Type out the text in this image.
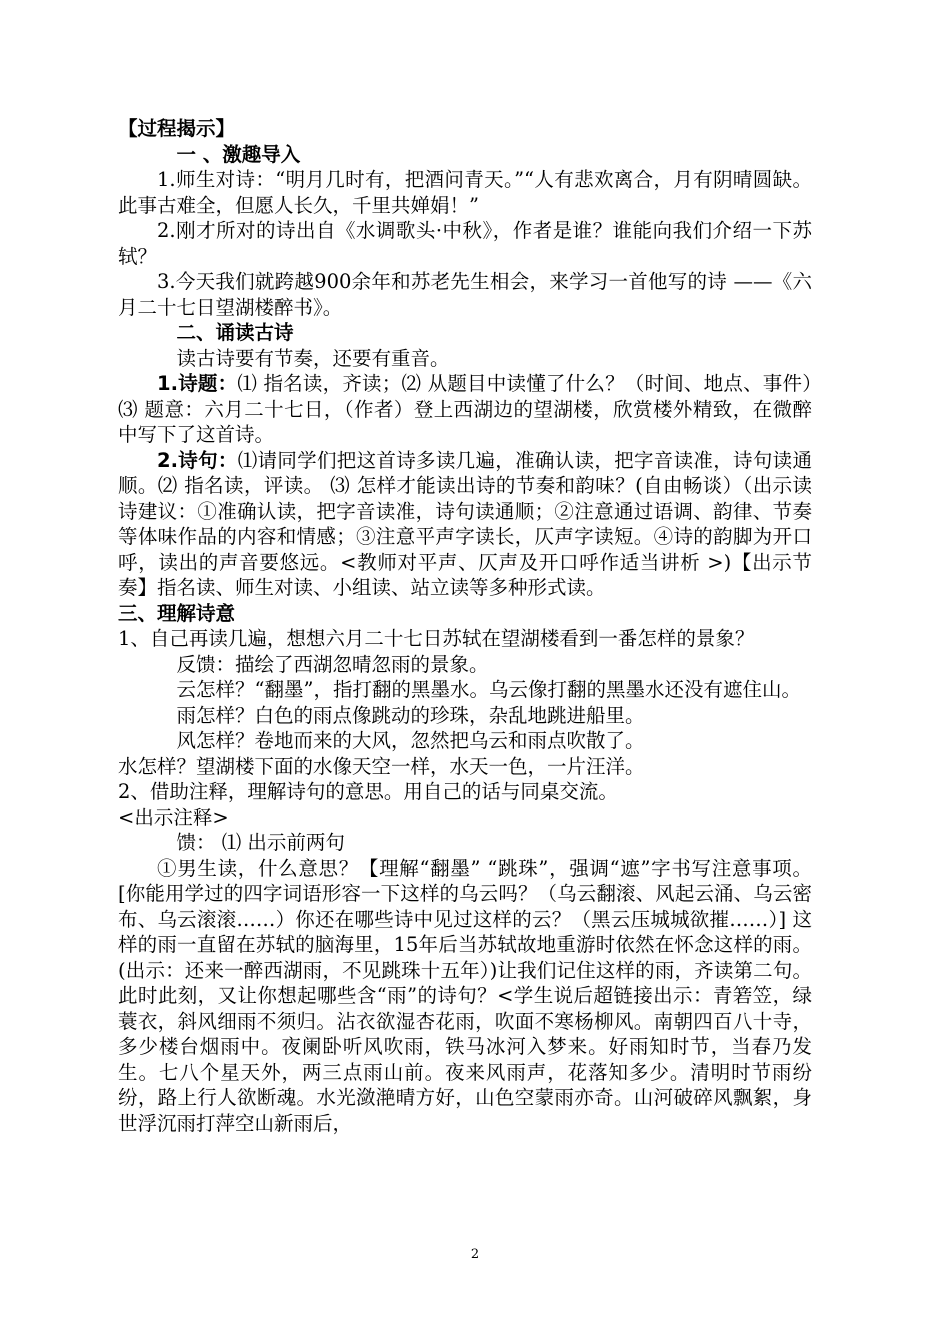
【过程揭示】

一 、激趣导入

1.师生对诗：“明月几时有，把酒问青天。”“人有悲欢离合，月有阴晴圆缺。此事古难全，但愿人长久，千里共婵娟！”

2.刚才所对的诗出自《水调歌头·中秋》，作者是谁？谁能向我们介绍一下苏轼？

3.今天我们就跨越900余年和苏老先生相会，来学习一首他写的诗 ——《六月二十七日望湖楼醉书》。

二、诵读古诗

读古诗要有节奏，还要有重音。

1.诗题：⑴ 指名读，齐读；⑵ 从题目中读懂了什么？（时间、地点、事件）⑶ 题意：六月二十七日，（作者）登上西湖边的望湖楼，欣赏楼外精致，在微醉中写下了这首诗。

2.诗句：⑴请同学们把这首诗多读几遍，准确认读，把字音读准，诗句读通顺。⑵ 指名读，评读。 ⑶ 怎样才能读出诗的节奏和韵味？(自由畅谈）（出示读诗建议：①准确认读，把字音读准，诗句读通顺；②注意通过语调、韵律、节奏等体味作品的内容和情感；③注意平声字读长，仄声字读短。④诗的韵脚为开口呼，读出的声音要悠远。<教师对平声、仄声及开口呼作适当讲析 >)【出示节奏】指名读、师生对读、小组读、站立读等多种形式读。

三、理解诗意

1、自己再读几遍，想想六月二十七日苏轼在望湖楼看到一番怎样的景象？

反馈：描绘了西湖忽晴忽雨的景象。

云怎样？“翻墨”，指打翻的黑墨水。乌云像打翻的黑墨水还没有遮住山。

雨怎样？白色的雨点像跳动的珍珠，杂乱地跳进船里。

风怎样？卷地而来的大风，忽然把乌云和雨点吹散了。

水怎样？望湖楼下面的水像天空一样，水天一色，一片汪洋。

2、借助注释，理解诗句的意思。用自己的话与同桌交流。

<出示注释>

馈： ⑴ 出示前两句

①男生读，什么意思？【理解“翻墨” “跳珠”，强调“遮”字书写注意事项。[你能用学过的四字词语形容一下这样的乌云吗？（乌云翻滚、风起云涌、乌云密布、乌云滚滚……）你还在哪些诗中见过这样的云？（黑云压城城欲摧……）] 这样的雨一直留在苏轼的脑海里，15年后当苏轼故地重游时依然在怀念这样的雨。(出示：还来一醉西湖雨，不见跳珠十五年）)让我们记住这样的雨，齐读第二句。此时此刻，又让你想起哪些含“雨”的诗句？<学生说后超链接出示：青箬笠，绿蓑衣，斜风细雨不须归。沾衣欲湿杏花雨，吹面不寒杨柳风。南朝四百八十寺，多少楼台烟雨中。夜阑卧听风吹雨，铁马冰河入梦来。好雨知时节，当春乃发生。七八个星天外，两三点雨山前。夜来风雨声，花落知多少。清明时节雨纷纷，路上行人欲断魂。水光潋滟晴方好，山色空蒙雨亦奇。山河破碎风飘絮，身世浮沉雨打萍空山新雨后，

2
